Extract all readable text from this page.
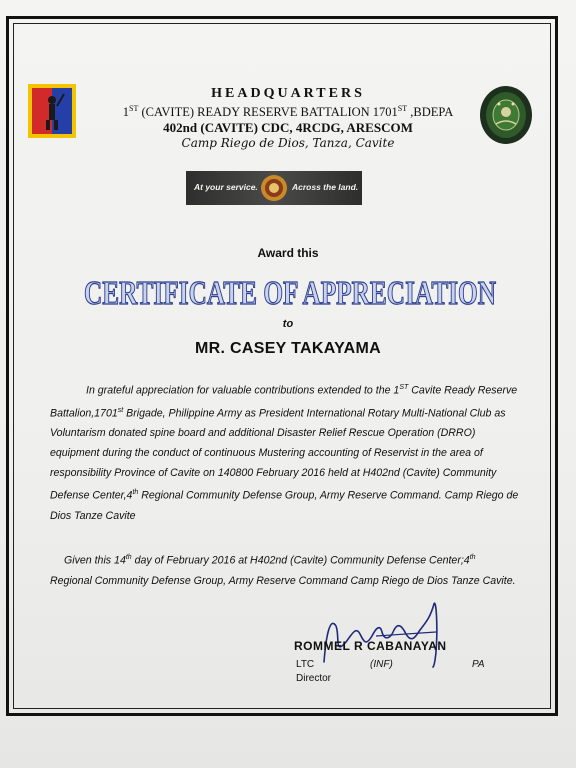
HEADQUARTERS
1ST (CAVITE) READY RESERVE BATTALION 1701ST ,BDEPA
402nd (CAVITE) CDC, 4RCDG, ARESCOM
Camp Riego de Dios, Tanza, Cavite
At your service.	Across the land.
Award this
CERTIFICATE OF APPRECIATION
to
MR. CASEY TAKAYAMA
In grateful appreciation for valuable contributions extended to the 1ST Cavite Ready Reserve Battalion,1701st Brigade, Philippine Army as President International Rotary Multi-National Club as Voluntarism donated spine board and additional Disaster Relief Rescue Operation (DRRO) equipment during the conduct of continuous Mustering accounting of Reservist in the area of responsibility Province of Cavite on 140800 February 2016 held at H402nd (Cavite) Community Defense Center,4th Regional Community Defense Group, Army Reserve Command. Camp Riego de Dios Tanze Cavite
Given this 14th day of February 2016 at H402nd (Cavite) Community Defense Center;4th Regional Community Defense Group, Army Reserve Command Camp Riego de Dios Tanze Cavite.
ROMMEL R CABANAYAN
LTC	(INF)	PA
Director
